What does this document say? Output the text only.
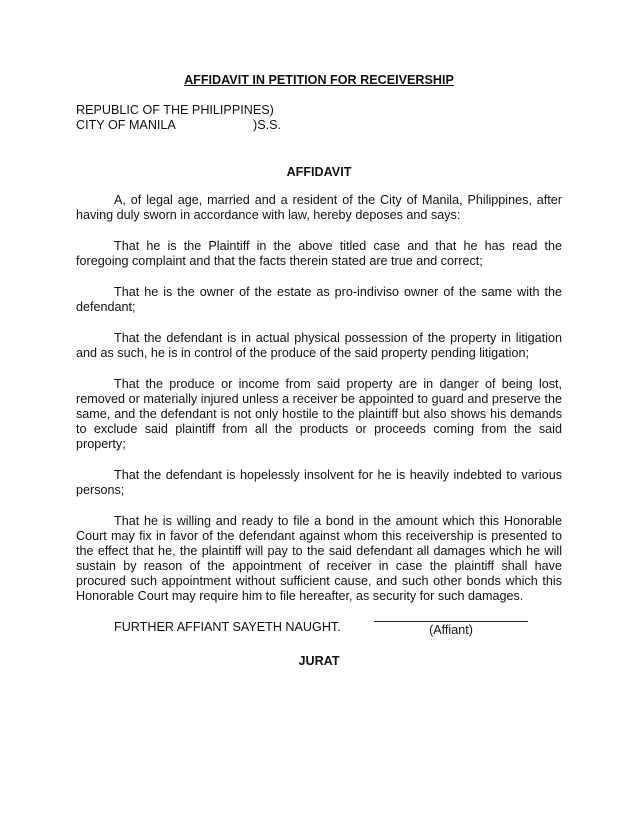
AFFIDAVIT IN PETITION FOR RECEIVERSHIP
REPUBLIC OF THE PHILIPPINES)
CITY OF MANILA	)S.S.
AFFIDAVIT

A, of legal age, married and a resident of the City of Manila, Philippines, after having duly sworn in accordance with law, hereby deposes and says:

That he is the Plaintiff in the above titled case and that he has read the foregoing complaint and that the facts therein stated are true and correct;

That he is the owner of the estate as pro-indiviso owner of the same with the defendant;

That the defendant is in actual physical possession of the property in litigation and as such, he is in control of the produce of the said property pending litigation;

That the produce or income from said property are in danger of being lost, removed or materially injured unless a receiver be appointed to guard and preserve the same, and the defendant is not only hostile to the plaintiff but also shows his demands to exclude said plaintiff from all the products or proceeds coming from the said property;

That the defendant is hopelessly insolvent for he is heavily indebted to various persons;

That he is willing and ready to file a bond in the amount which this Honorable Court may fix in favor of the defendant against whom this receivership is presented to the effect that he, the plaintiff will pay to the said defendant all damages which he will sustain by reason of the appointment of receiver in case the plaintiff shall have procured such appointment without sufficient cause, and such other bonds which this Honorable Court may require him to file hereafter, as security for such damages.

FURTHER AFFIANT SAYETH NAUGHT.	(Affiant)
JURAT
